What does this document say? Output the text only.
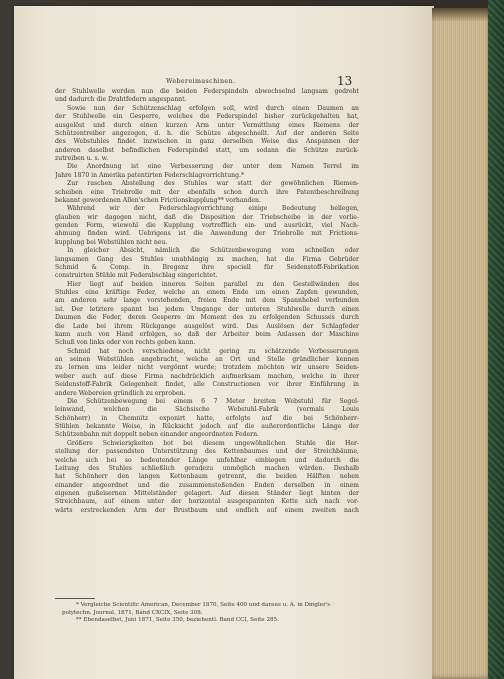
Webereimaschinen.	13
der Stuhlwelle werden nun die beiden Federspindeln abwechselnd langsam gedreht
und dadurch die Drahtfedern angespannt.
Sowie nun der Schützenschlag erfolgen soll, wird durch einen Daumen an
der Stuhlwelle ein Gesperre, welches die Federspindel bisher zurückgehalten hat,
ausgelöst und durch einen kurzen Arm unter Vermittlung eines Riemens der
Schützentreiber angezogen, d. h. die Schütze abgeschnellt. Auf der anderen Seite
des Webstuhles findet inzwischen in ganz derselben Weise das Anspannen der
anderen daselbst befindlichen Federspindel statt, um sodann die Schütze zurück-
zutreiben u. s. w.
Die Anordnung ist eine Verbesserung der unter dem Namen Terrel im
Jahre 1870 in Amerika patentirten Federschlagvorrichtung.*
Zur raschen Abstellung des Stuhles war statt der gewöhnlichen Riemen-
scheiben eine Triebrolle mit der ebenfalls schon durch ihre Patentbeschreibung
bekannt gewordenen Allen'schen Frictionskupplung** vorhanden.
Während wir der Federschlagvorrichtung einige Bedeutung beilegen,
glauben wir dagegen nicht, daß die Disposition der Triebscheibe in der vorlie-
genden Form, wiewohl die Kupplung vortrefflich ein- und ausrückt, viel Nach-
ahmung finden wird. Uebrigens ist die Anwendung der Triebrolle mit Frictions-
kupplung bei Webstühlen nicht neu.
In gleicher Absicht, nämlich die Schützenbewegung vom schnellen oder
langsamen Gang des Stuhles unabhängig zu machen, hat die Firma Gebrüder
Schmid & Comp. in Bregenz ihre speciell für Seidenstoff-Fabrikation
construirten Stühle mit Federabschlag eingerichtet.
Hier liegt auf beiden inneren Seiten parallel zu den Gestellwänden des
Stuhles eine kräftige Feder, welche an einem Ende um einen Zapfen gewunden,
am anderen sehr lange vorstehenden, freien Ende mit dem Spannhebel verbunden
ist. Der letztere spannt bei jedem Umgange der unteren Stuhlwelle durch einen
Daumen die Feder, deren Gesperre im Moment des zu erfolgenden Schusses durch
die Lade bei ihrem Rückgange ausgelöst wird. Das Auslösen der Schlagfeder
kann auch von Hand erfolgen, so daß der Arbeiter beim Anlassen der Maschine
Schuß von links oder von rechts geben kann.
Schmid hat noch verschiedene, nicht gering zu schätzende Verbesserungen
an seinen Webstühlen angebracht, welche an Ort und Stelle gründlicher kennen
zu lernen uns leider nicht vergönnt wurde; trotzdem möchten wir unsere Seiden-
weber auch auf diese Firma nachdrücklich aufmerksam machen, welche in ihrer
Seidenstoff-Fabrik Gelegenheit findet, alle Constructionen vor ihrer Einführung in
andere Webereien gründlich zu erproben.
Die Schützenbewegung bei einem 6 7 Meter breiten Webstuhl für Segel-
leinwand, welchen die Sächsische Webstuhl-Fabrik (vormals Louis
Schönherr) in Chemnitz exponirt hatte, erfolgte auf die bei Schönherr-
Stühlen bekannte Weise, in Rücksicht jedoch auf die außerordentliche Länge der
Schützenbahn mit doppelt neben einander angeordneten Federn.
Größere Schwierigkeiten bot bei diesem ungewöhnlichen Stuhle die Her-
stellung der passendsten Unterstützung des Kettenbaumes und der Streichbäume,
welche sich bei so bedeutender Länge unfehlbar einbiegen und dadurch die
Leitung des Stuhles schließlich geradezu unmöglich machen würden. Deshalb
hat Schönherr den langen Kettenbaum getrennt, die beiden Hälften neben
einander angeordnet und die zusammenstoßenden Enden derselben in einem
eigenen gußeisernen Mittelständer gelagert. Auf diesen Ständer liegt hinten der
Streichbaum, auf einem unter der horizontal ausgespannten Kette sich nach vor-
wärts erstreckenden Arm der Brustbaum und endlich auf einem zweiten nach
* Vergleiche Scientific American, December 1870, Seite 400 und daraus u. A. in Dingler's
polytechn. Journal, 1871, Band CXCIX, Seite 308.
** Ebendaselbst, Juni 1871, Seite 350, beziehentl. Band CCI, Seite 285.
